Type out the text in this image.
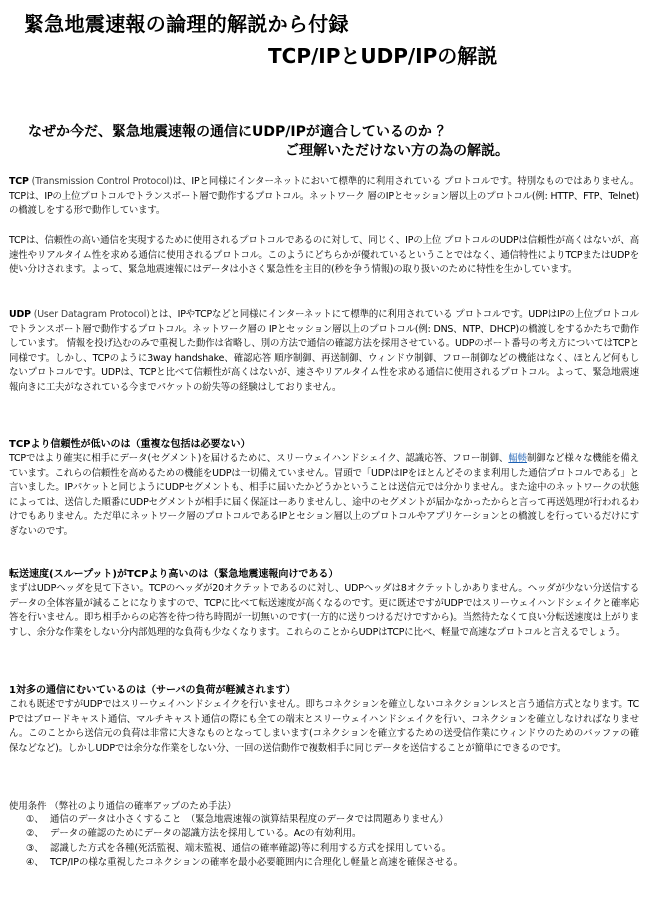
緊急地震速報の論理的解説から付録
TCP/IPとUDP/IPの解説
なぜか今だ、緊急地震速報の通信にUDP/IPが適合しているのか ？
ご理解いただけない方の為の解説。
TCP (Transmission Control Protocol)は、IPと同様にインターネットにおいて標準的に利用されている プロトコルです。特別なものではありません。TCPは、IPの上位プロトコルでトランスポート層で動作するプロトコル。ネットワーク 層のIPとセッション層以上のプロトコル(例: HTTP、FTP、Telnet)の橋渡しをする形で動作しています。
TCPは、信頼性の高い通信を実現するために使用されるプロトコルであるのに対して、同じく、IPの上位 プロトコルのUDPは信頼性が高くはないが、高速性やリアルタイム性を求める通信に使用されるプロトコル。このようにどちらかが優れているということではなく、通信特性によりTCPまたはUDPを使い分けされます。よって、緊急地震速報にはデータは小さく緊急性を主目的(秒を争う情報)の取り扱いのために特性を生かしています。
UDP (User Datagram Protocol)とは、IPやTCPなどと同様にインターネットにて標準的に利用されている プロトコルです。UDPはIPの上位プロトコルでトランスポート層で動作するプロトコル。ネットワーク層の IPとセッション層以上のプロトコル(例: DNS、NTP、DHCP)の橋渡しをするかたちで動作しています。 情報を投げ込むのみで重視した動作は省略し、別の方法で通信の確認方法を採用させている。UDPのポート番号の考え方についてはTCPと同様です。しかし、TCPのように3way handshake、確認応答 順序制御、再送制御、ウィンドウ制御、フロー制御などの機能はなく、ほとんど何もしないプロトコルです。UDPは、TCPと比べて信頼性が高くはないが、速さやリアルタイム性を求める通信に使用されるプロトコル。よって、緊急地震速報向きに工夫がなされている今までパケットの紛失等の経験はしておりません。
TCPより信頼性が低いのは（重複な包括は必要ない）
TCPではより確実に相手にデータ(セグメント)を届けるために、スリーウェイハンドシェイク、認識応答、フロー制御、輻輳制御など様々な機能を備えています。これらの信頼性を高めるための機能をUDPは一切備えていません。冒頭で「UDPはIPをほとんどそのまま利用した通信プロトコルである」と言いました。IPパケットと同じようにUDPセグメントも、相手に届いたかどうかということは送信元では分かりません。また途中のネットワークの状態によっては、送信した順番にUDPセグメントが相手に届く保証はーありませんし、途中のセグメントが届かなかったからと言って再送処理が行われるわけでもありません。ただ単にネットワーク層のプロトコルであるIPとセション層以上のプロトコルやアプリケーションとの橋渡しを行っているだけにすぎないのです。
転送速度(スループット)がTCPより高いのは（緊急地震速報向けである）
まずはUDPヘッダを見て下さい。TCPのヘッダが20オクテットであるのに対し、UDPヘッダは8オクテットしかありません。ヘッダが少ない分送信するデータの全体容量が減ることになりますので、TCPに比べて転送速度が高くなるのです。更に既述ですがUDPではスリーウェイハンドシェイクと確率応答を行いません。即ち相手からの応答を待つ待ち時間が一切無いのです(一方的に送りつけるだけですから)。当然待たなくて良い分転送速度は上がりますし、余分な作業をしない分内部処理的な負荷も少なくなります。これらのことからUDPはTCPに比べ、軽量で高速なプロトコルと言えるでしょう。
1対多の通信にむいているのは（サーバの負荷が軽減されます）
これも既述ですがUDPではスリーウェイハンドシェイクを行いません。即ちコネクションを確立しないコネクションレスと言う通信方式となります。TCPではブロードキャスト通信、マルチキャスト通信の際にも全ての端末とスリーウェイハンドシェイクを行い、コネクションを確立しなければなりません。このことから送信元の負荷は非常に大きなものとなってしまいます(コネクションを確立するための送受信作業にウィンドウのためのバッファの確保などなど)。しかしUDPでは余分な作業をしない分、一回の送信動作で複数相手に同じデータを送信することが簡単にできるのです。
使用条件 （弊社のより通信の確率アップのため手法）
①、 通信のデータは小さくすること　（緊急地震速報の演算結果程度のデータでは問題ありません）
②、 データの確認のためにデータの認識方法を採用している。Acの有効利用。
③、 認識した方式を各種(死活監視、端末監視、通信の確率確認)等に利用する方式を採用している。
④、 TCP/IPの様な重視したコネクションの確率を最小必要範囲内に合理化し軽量と高速を確保させる。
